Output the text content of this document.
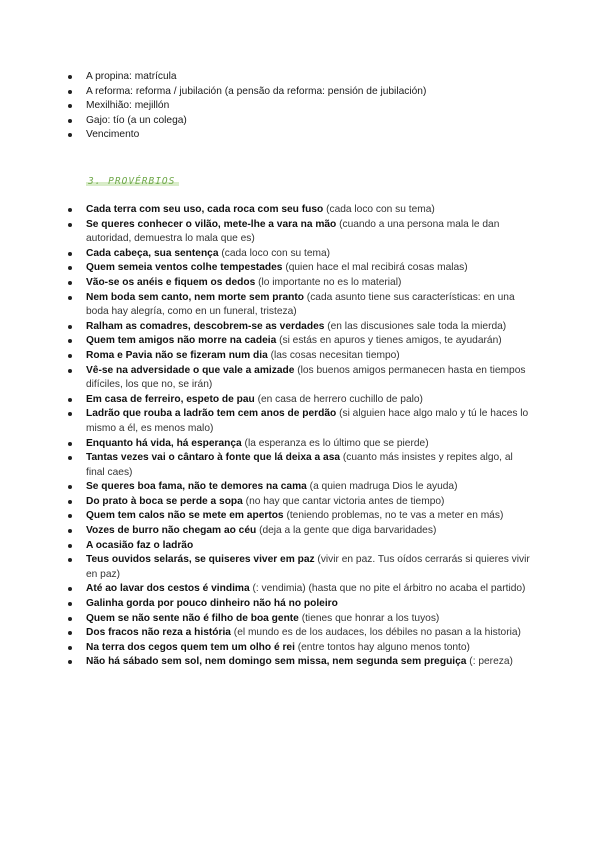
A propina: matrícula
A reforma: reforma / jubilación (a pensão da reforma: pensión de jubilación)
Mexilhião: mejillón
Gajo: tío (a un colega)
Vencimento
3. PROVÉRBIOS
Cada terra com seu uso, cada roca com seu fuso (cada loco con su tema)
Se queres conhecer o vilão, mete-lhe a vara na mão (cuando a una persona mala le dan autoridad, demuestra lo mala que es)
Cada cabeça, sua sentença (cada loco con su tema)
Quem semeia ventos colhe tempestades (quien hace el mal recibirá cosas malas)
Vão-se os anéis e fiquem os dedos (lo importante no es lo material)
Nem boda sem canto, nem morte sem pranto (cada asunto tiene sus características: en una boda hay alegría, como en un funeral, tristeza)
Ralham as comadres, descobrem-se as verdades (en las discusiones sale toda la mierda)
Quem tem amigos não morre na cadeia (si estás en apuros y tienes amigos, te ayudarán)
Roma e Pavia não se fizeram num dia (las cosas necesitan tiempo)
Vê-se na adversidade o que vale a amizade (los buenos amigos permanecen hasta en tiempos difíciles, los que no, se irán)
Em casa de ferreiro, espeto de pau (en casa de herrero cuchillo de palo)
Ladrão que rouba a ladrão tem cem anos de perdão (si alguien hace algo malo y tú le haces lo mismo a él, es menos malo)
Enquanto há vida, há esperança (la esperanza es lo último que se pierde)
Tantas vezes vai o cântaro à fonte que lá deixa a asa (cuanto más insistes y repites algo, al final caes)
Se queres boa fama, não te demores na cama (a quien madruga Dios le ayuda)
Do prato à boca se perde a sopa (no hay que cantar victoria antes de tiempo)
Quem tem calos não se mete em apertos (teniendo problemas, no te vas a meter en más)
Vozes de burro não chegam ao céu (deja a la gente que diga barvaridades)
A ocasião faz o ladrão
Teus ouvidos selarás, se quiseres viver em paz (vivir en paz. Tus oídos cerrarás si quieres vivir en paz)
Até ao lavar dos cestos é vindima (: vendimia) (hasta que no pite el árbitro no acaba el partido)
Galinha gorda por pouco dinheiro não há no poleiro
Quem se não sente não é filho de boa gente (tienes que honrar a los tuyos)
Dos fracos não reza a história (el mundo es de los audaces, los débiles no pasan a la historia)
Na terra dos cegos quem tem um olho é rei (entre tontos hay alguno menos tonto)
Não há sábado sem sol, nem domingo sem missa, nem segunda sem preguiça (: pereza)
